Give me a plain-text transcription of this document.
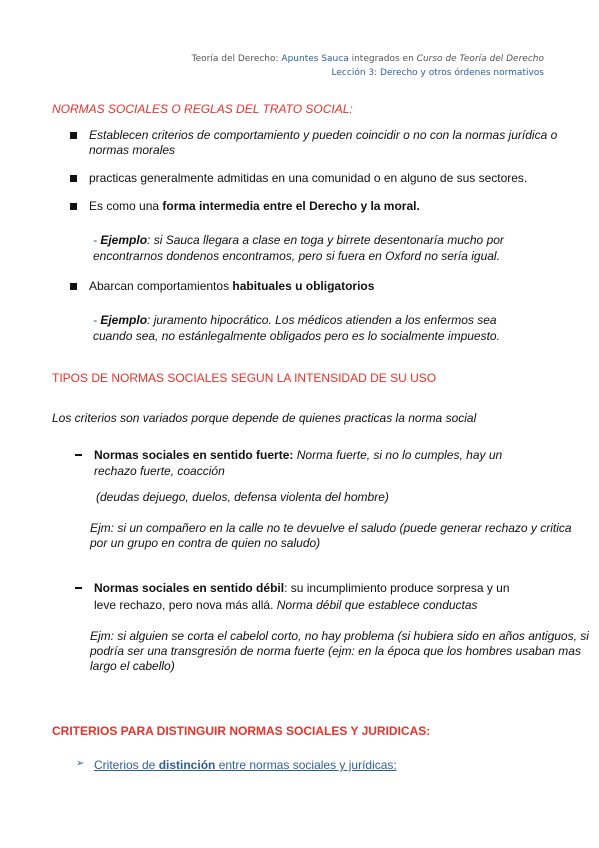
Teoría del Derecho: Apuntes Sauca integrados en Curso de Teoría del Derecho
Lección 3: Derecho y otros órdenes normativos
NORMAS SOCIALES O REGLAS DEL TRATO SOCIAL:
Establecen criterios de comportamiento y pueden coincidir o no con la normas jurídica o
normas morales
practicas generalmente admitidas en una comunidad o en alguno de sus sectores.
Es como una forma intermedia entre el Derecho y la moral.
- Ejemplo: si Sauca llegara a clase en toga y birrete desentonaría mucho por
encontrarnos dondenos encontramos, pero si fuera en Oxford no sería igual.
Abarcan comportamientos habituales u obligatorios
- Ejemplo: juramento hipocrático. Los médicos atienden a los enfermos sea
cuando sea, no estánlegalmente obligados pero es lo socialmente impuesto.
TIPOS DE NORMAS SOCIALES SEGUN LA INTENSIDAD DE SU USO
Los criterios son variados porque depende de quienes practicas la norma social
Normas sociales en sentido fuerte: Norma fuerte, si no lo cumples, hay un
rechazo fuerte, coacción
(deudas dejuego, duelos, defensa violenta del hombre)
Ejm: si un compañero en la calle no te devuelve el saludo (puede generar rechazo y critica
por un grupo en contra de quien no saludo)
Normas sociales en sentido débil: su incumplimiento produce sorpresa y un
leve rechazo, pero nova más allá. Norma débil que establece conductas
Ejm: si alguien se corta el cabelol corto, no hay problema (si hubiera sido en años antiguos, si
podría ser una transgresión de norma fuerte (ejm: en la época que los hombres usaban mas
largo el cabello)
CRITERIOS PARA DISTINGUIR NORMAS SOCIALES Y JURIDICAS:
➢ Criterios de distinción entre normas sociales y jurídicas:
